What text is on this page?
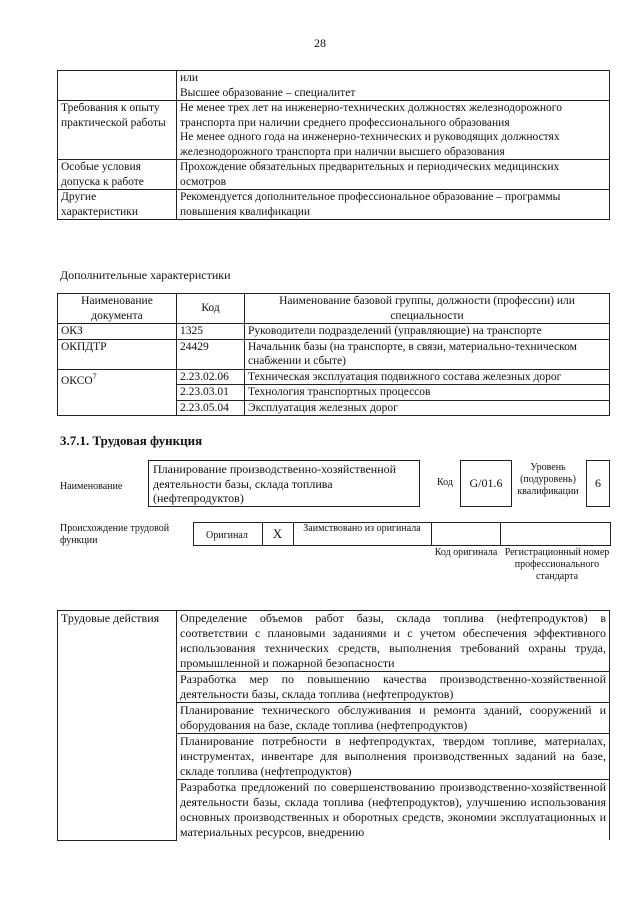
28

	или
Высшее образование – специалитет

Требования к опыту практической работы	Не менее трех лет на инженерно-технических должностях железнодорожного транспорта при наличии среднего профессионального образования
Не менее одного года на инженерно-технических и руководящих должностях железнодорожного транспорта при наличии высшего образования

Особые условия допуска к работе	Прохождение обязательных предварительных и периодических медицинских осмотров

Другие характеристики	Рекомендуется дополнительное профессиональное образование – программы повышения квалификации
Дополнительные характеристики
Наименование документа	Код	Наименование базовой группы, должности (профессии) или специальности
ОКЗ	1325	Руководители подразделений (управляющие) на транспорте
ОКПДТР	24429	Начальник базы (на транспорте, в связи, материально-техническом снабжении и сбыте)
ОКСО$^7$	2.23.02.06	Техническая эксплуатация подвижного состава железных дорог
	2.23.03.01	Технология транспортных процессов
	2.23.05.04	Эксплуатация железных дорог
3.7.1. Трудовая функция
Наименование
Планирование производственно-хозяйственной деятельности базы, склада топлива (нефтепродуктов)
Код	G/01.6
Уровень (подуровень) квалификации
6
Происхождение трудовой функции	Оригинал	X	Заимствовано из оригинала
Код оригинала Регистрационный номер профессионального стандарта
Трудовые действия	Определение объемов работ базы, склада топлива (нефтепродуктов) в соответствии с плановыми заданиями и с учетом обеспечения эффективного использования технических средств, выполнения требований охраны труда, промышленной и пожарной безопасности
Разработка мер по повышению качества производственно-хозяйственной деятельности базы, склада топлива (нефтепродуктов)
Планирование технического обслуживания и ремонта зданий, сооружений и оборудования на базе, складе топлива (нефтепродуктов)
Планирование потребности в нефтепродуктах, твердом топливе, материалах, инструментах, инвентаре для выполнения производственных заданий на базе, складе топлива (нефтепродуктов)
Разработка предложений по совершенствованию производственно-хозяйственной деятельности базы, склада топлива (нефтепродуктов), улучшению использования основных производственных и оборотных средств, экономии эксплуатационных и материальных ресурсов, внедрению
